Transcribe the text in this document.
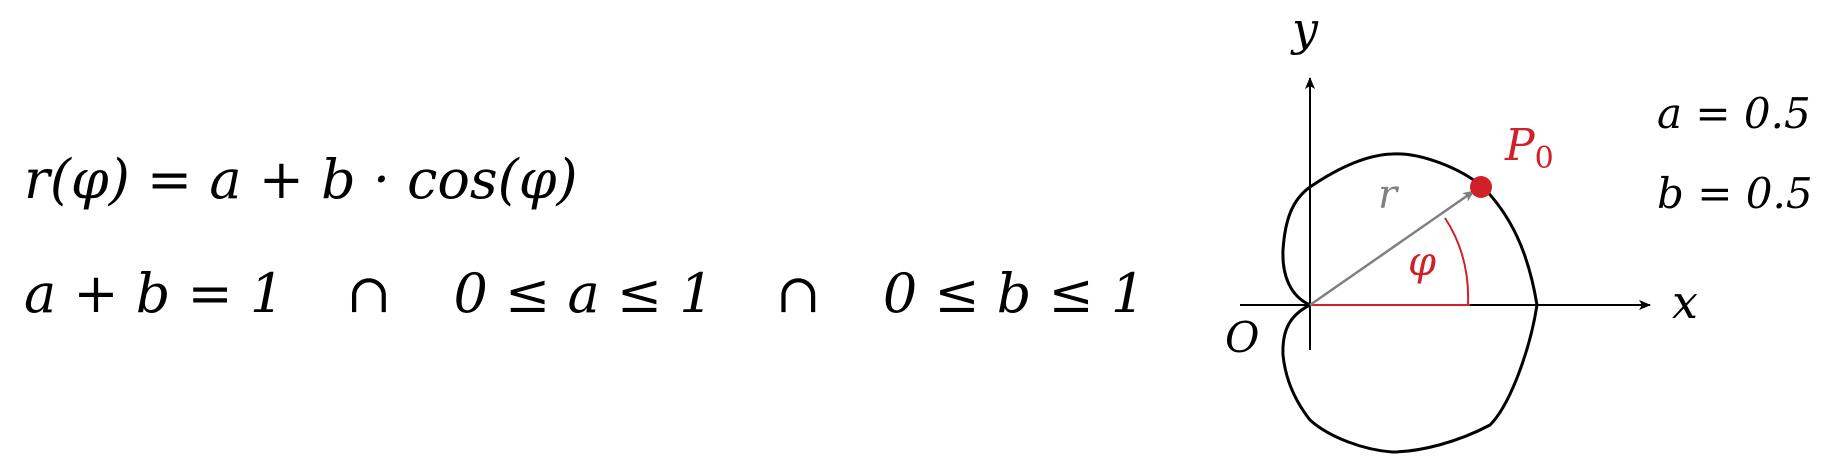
r(φ) = a + b · cos(φ)
a + b = 1 ∩ 0 ≤ a ≤ 1 ∩ 0 ≤ b ≤ 1
y
x
O
r
φ
P0
a = 0.5
b = 0.5
